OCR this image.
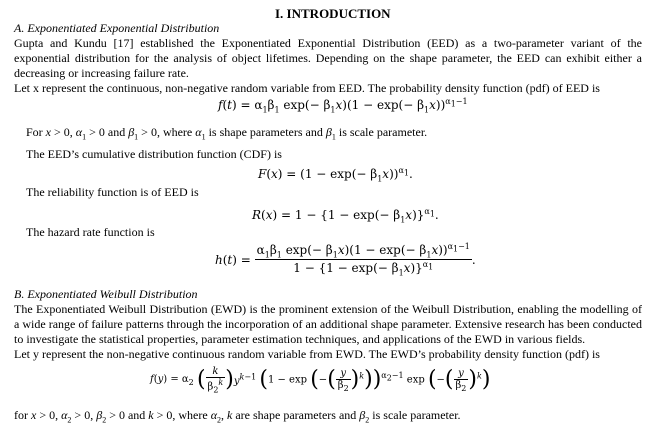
I. INTRODUCTION
A. Exponentiated Exponential Distribution
Gupta and Kundu [17] established the Exponentiated Exponential Distribution (EED) as a two-parameter variant of the exponential distribution for the analysis of object lifetimes. Depending on the shape parameter, the EED can exhibit either a decreasing or increasing failure rate.
Let x represent the continuous, non-negative random variable from EED. The probability density function (pdf) of EED is
$f(t) = \alpha_1\beta_1$ $\exp(- \beta_1x)(1 - \exp(- \beta_1x))^{\alpha_1-1}$
For x > 0, $\alpha_1 > 0$ and $\beta_1 > 0$, where $\alpha_1$ is shape parameters and $\beta_1$ is scale parameter.
The EED’s cumulative distribution function (CDF) is
$F(x) = (1 - \exp(- \beta_1x))^{\alpha_1}$.
The reliability function is of EED is
$R(x) = 1 - \{1 - \exp(- \beta_1x)\}^{\alpha_1}$.
The hazard rate function is
$h(t) = \frac{\alpha_1\beta_1 \exp(- \beta_1x)(1 - \exp(- \beta_1x))^{\alpha_1-1}}{1 - \{1 - \exp(- \beta_1x)\}^{\alpha_1}}$ .
B. Exponentiated Weibull Distribution
The Exponentiated Weibull Distribution (EWD) is the prominent extension of the Weibull Distribution, enabling the modelling of a wide range of failure patterns through the incorporation of an additional shape parameter. Extensive research has been conducted to investigate the statistical properties, parameter estimation techniques, and applications of the EWD in various fields.
Let y represent the non-negative continuous random variable from EWD. The EWD’s probability density function (pdf) is
$f(y) = \alpha_2$ ( $\frac{k}{\beta_2^k} )y^{k-1}$ (1 − exp (−( $\frac{y}{\beta_2} )^k))^{\alpha_2-1}$ exp (−( $\frac{y}{\beta_2} )^k$)
for x > 0, $\alpha_2 > 0$, $\beta_2 > 0$ and k > 0, where $\alpha_2$, k are shape parameters and $\beta_2$ is scale parameter.
